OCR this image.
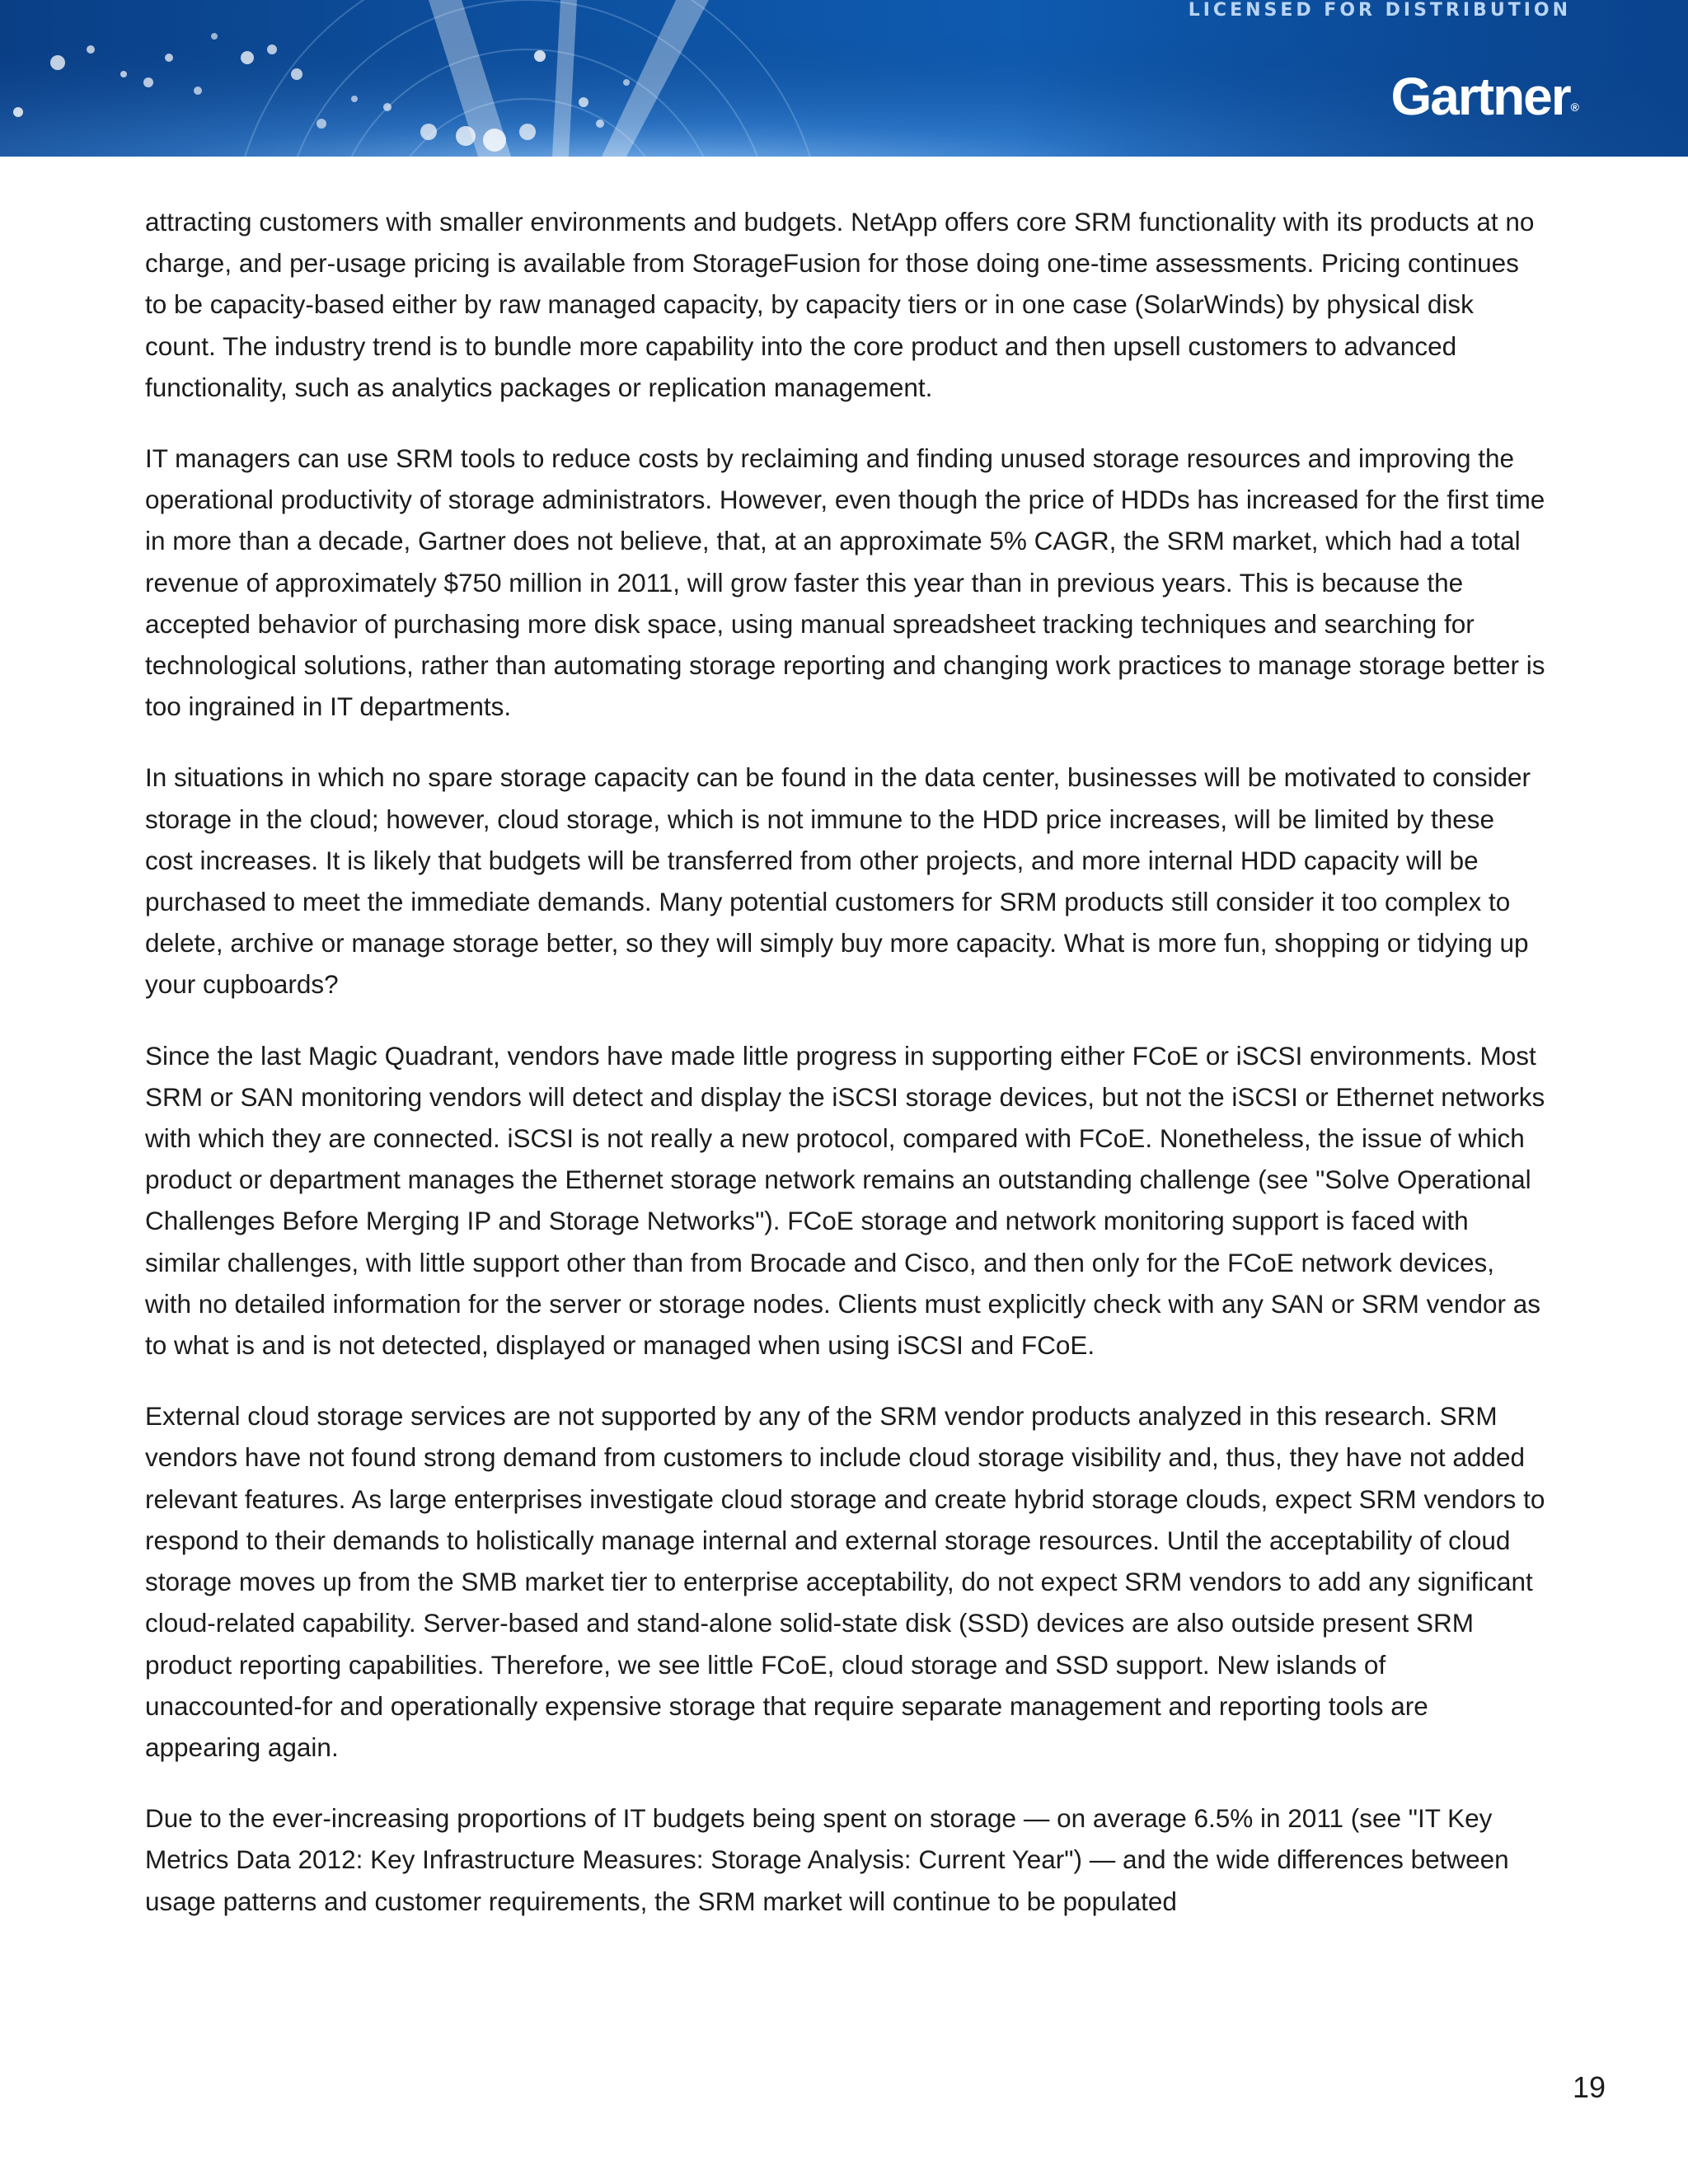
LICENSED FOR DISTRIBUTION
Gartner®

attracting customers with smaller environments and budgets. NetApp offers core SRM functionality with its products at no charge, and per-usage pricing is available from StorageFusion for those doing one-time assessments. Pricing continues to be capacity-based either by raw managed capacity, by capacity tiers or in one case (SolarWinds) by physical disk count. The industry trend is to bundle more capability into the core product and then upsell customers to advanced functionality, such as analytics packages or replication management.

IT managers can use SRM tools to reduce costs by reclaiming and finding unused storage resources and improving the operational productivity of storage administrators. However, even though the price of HDDs has increased for the first time in more than a decade, Gartner does not believe, that, at an approximate 5% CAGR, the SRM market, which had a total revenue of approximately $750 million in 2011, will grow faster this year than in previous years. This is because the accepted behavior of purchasing more disk space, using manual spreadsheet tracking techniques and searching for technological solutions, rather than automating storage reporting and changing work practices to manage storage better is too ingrained in IT departments.

In situations in which no spare storage capacity can be found in the data center, businesses will be motivated to consider storage in the cloud; however, cloud storage, which is not immune to the HDD price increases, will be limited by these cost increases. It is likely that budgets will be transferred from other projects, and more internal HDD capacity will be purchased to meet the immediate demands. Many potential customers for SRM products still consider it too complex to delete, archive or manage storage better, so they will simply buy more capacity. What is more fun, shopping or tidying up your cupboards?

Since the last Magic Quadrant, vendors have made little progress in supporting either FCoE or iSCSI environments. Most SRM or SAN monitoring vendors will detect and display the iSCSI storage devices, but not the iSCSI or Ethernet networks with which they are connected. iSCSI is not really a new protocol, compared with FCoE. Nonetheless, the issue of which product or department manages the Ethernet storage network remains an outstanding challenge (see "Solve Operational Challenges Before Merging IP and Storage Networks"). FCoE storage and network monitoring support is faced with similar challenges, with little support other than from Brocade and Cisco, and then only for the FCoE network devices, with no detailed information for the server or storage nodes. Clients must explicitly check with any SAN or SRM vendor as to what is and is not detected, displayed or managed when using iSCSI and FCoE.

External cloud storage services are not supported by any of the SRM vendor products analyzed in this research. SRM vendors have not found strong demand from customers to include cloud storage visibility and, thus, they have not added relevant features. As large enterprises investigate cloud storage and create hybrid storage clouds, expect SRM vendors to respond to their demands to holistically manage internal and external storage resources. Until the acceptability of cloud storage moves up from the SMB market tier to enterprise acceptability, do not expect SRM vendors to add any significant cloud-related capability. Server-based and stand-alone solid-state disk (SSD) devices are also outside present SRM product reporting capabilities. Therefore, we see little FCoE, cloud storage and SSD support. New islands of unaccounted-for and operationally expensive storage that require separate management and reporting tools are appearing again.

Due to the ever-increasing proportions of IT budgets being spent on storage — on average 6.5% in 2011 (see "IT Key Metrics Data 2012: Key Infrastructure Measures: Storage Analysis: Current Year") — and the wide differences between usage patterns and customer requirements, the SRM market will continue to be populated

19
